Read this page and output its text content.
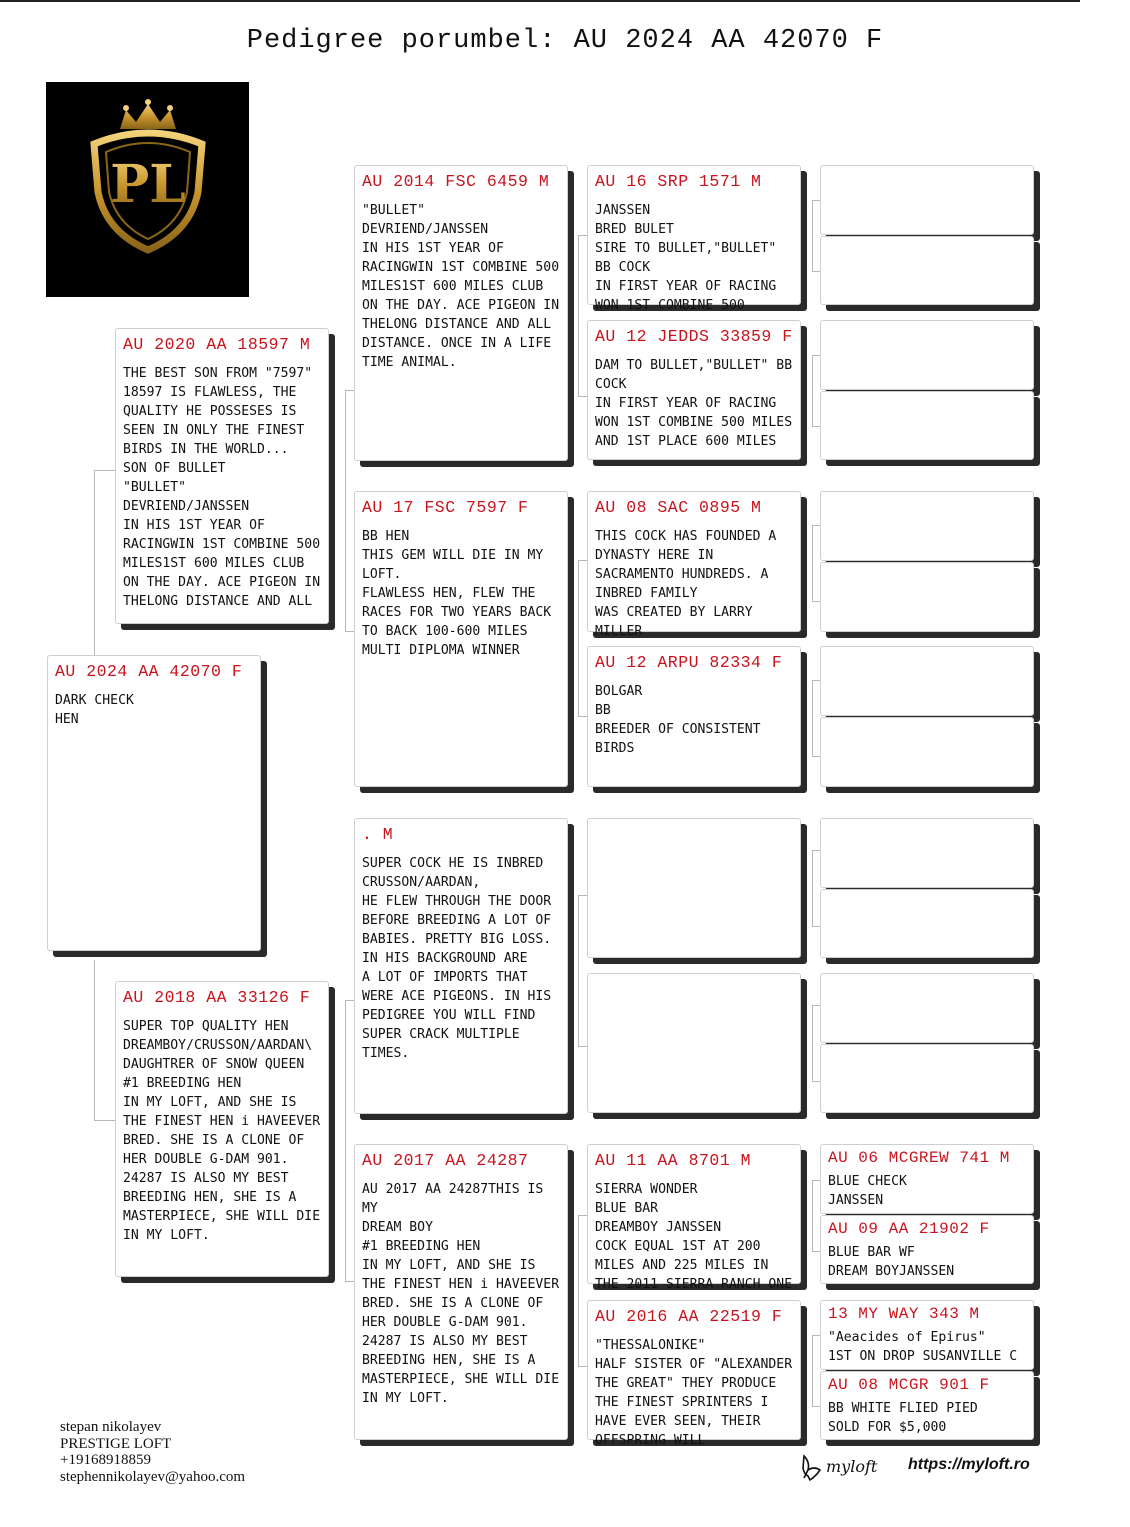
Pedigree porumbel: AU 2024 AA 42070 F
PL
AU 2024 AA 42070 F
DARK CHECK
HEN
AU 2020 AA 18597 M
THE BEST SON FROM "7597" 18597 IS FLAWLESS, THE QUALITY HE POSSESES IS SEEN IN ONLY THE FINEST BIRDS IN THE WORLD...
SON OF BULLET
"BULLET"
DEVRIEND/JANSSEN
IN HIS 1ST YEAR OF RACINGWIN 1ST COMBINE 500 MILES1ST 600 MILES CLUB ON THE DAY. ACE PIGEON IN THELONG DISTANCE AND ALL
AU 2018 AA 33126 F
SUPER TOP QUALITY HEN DREAMBOY/CRUSSON/AARDAN\ DAUGHTRER OF SNOW QUEEN
#1 BREEDING HEN
IN MY LOFT, AND SHE IS THE FINEST HEN i HAVEEVER BRED. SHE IS A CLONE OF HER DOUBLE G-DAM 901. 24287 IS ALSO MY BEST BREEDING HEN, SHE IS A MASTERPIECE, SHE WILL DIE IN MY LOFT.
AU 2014 FSC 6459 M
"BULLET"
DEVRIEND/JANSSEN
IN HIS 1ST YEAR OF RACINGWIN 1ST COMBINE 500 MILES1ST 600 MILES CLUB ON THE DAY. ACE PIGEON IN THELONG DISTANCE AND ALL DISTANCE. ONCE IN A LIFE TIME ANIMAL.
AU 17 FSC 7597 F
BB HEN
THIS GEM WILL DIE IN MY LOFT.
FLAWLESS HEN, FLEW THE RACES FOR TWO YEARS BACK TO BACK 100-600 MILES
MULTI DIPLOMA WINNER
. M
SUPER COCK HE IS INBRED CRUSSON/AARDAN,
HE FLEW THROUGH THE DOOR BEFORE BREEDING A LOT OF BABIES. PRETTY BIG LOSS.
IN HIS BACKGROUND ARE
A LOT OF IMPORTS THAT WERE ACE PIGEONS. IN HIS PEDIGREE YOU WILL FIND SUPER CRACK MULTIPLE TIMES.
AU 2017 AA 24287
AU 2017 AA 24287THIS IS MY
DREAM BOY
#1 BREEDING HEN
IN MY LOFT, AND SHE IS THE FINEST HEN i HAVEEVER BRED. SHE IS A CLONE OF HER DOUBLE G-DAM 901. 24287 IS ALSO MY BEST BREEDING HEN, SHE IS A MASTERPIECE, SHE WILL DIE IN MY LOFT.
AU 16 SRP 1571 M
JANSSEN
BRED BULET
SIRE TO BULLET,"BULLET"
BB COCK
IN FIRST YEAR OF RACING
WON 1ST COMBINE 500
AU 12 JEDDS 33859 F
DAM TO BULLET,"BULLET" BB COCK
IN FIRST YEAR OF RACING WON 1ST COMBINE 500 MILES
AND 1ST PLACE 600 MILES
AU 08 SAC 0895 M
THIS COCK HAS FOUNDED A DYNASTY HERE IN SACRAMENTO HUNDREDS. A INBRED FAMILY
WAS CREATED BY LARRY MILLER
AU 12 ARPU 82334 F
BOLGAR
BB
BREEDER OF CONSISTENT BIRDS
AU 11 AA 8701 M
SIERRA WONDER
BLUE BAR
DREAMBOY JANSSEN
COCK EQUAL 1ST AT 200 MILES AND 225 MILES IN THE 2011 SIERRA RANCH ONE
AU 2016 AA 22519 F
"THESSALONIKE"
HALF SISTER OF "ALEXANDER THE GREAT" THEY PRODUCE THE FINEST SPRINTERS I HAVE EVER SEEN, THEIR OFFSPRING WILL
AU 06 MCGREW 741 M
BLUE CHECK
JANSSEN
AU 09 AA 21902 F
BLUE BAR WF
DREAM BOYJANSSEN
13 MY WAY 343 M
"Aeacides of Epirus"
1ST ON DROP SUSANVILLE C
AU 08 MCGR 901 F
BB WHITE FLIED PIED
SOLD FOR $5,000
stepan nikolayev
PRESTIGE LOFT
+19168918859
stephennikolayev@yahoo.com
myloft https://myloft.ro
